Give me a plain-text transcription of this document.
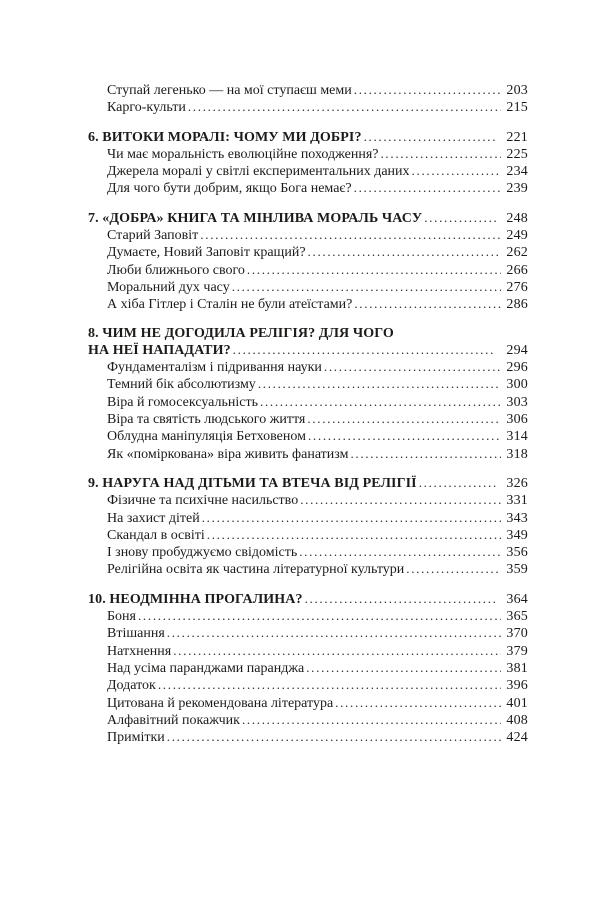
Ступай легенько — на мої ступаєш меми .....	203
Карго-культи .....	215
6. ВИТОКИ МОРАЛІ: ЧОМУ МИ ДОБРІ? .....	221
Чи має моральність еволюційне походження? .....	225
Джерела моралі у світлі експериментальних даних .....	234
Для чого бути добрим, якщо Бога немає? .....	239
7. «ДОБРА» КНИГА ТА МІНЛИВА МОРАЛЬ ЧАСУ .....	248
Старий Заповіт .....	249
Думаєте, Новий Заповіт кращий? .....	262
Люби ближнього свого .....	266
Моральний дух часу .....	276
А хіба Гітлер і Сталін не були атеїстами? .....	286
8. ЧИМ НЕ ДОГОДИЛА РЕЛІГІЯ? ДЛЯ ЧОГО
НА НЕЇ НАПАДАТИ? .....	294
Фундаменталізм і підривання науки .....	296
Темний бік абсолютизму .....	300
Віра й гомосексуальність .....	303
Віра та святість людського життя .....	306
Облудна маніпуляція Бетховеном .....	314
Як «поміркована» віра живить фанатизм .....	318
9. НАРУГА НАД ДІТЬМИ ТА ВТЕЧА ВІД РЕЛІГІЇ .....	326
Фізичне та психічне насильство .....	331
На захист дітей .....	343
Скандал в освіті .....	349
І знову пробуджуємо свідомість .....	356
Релігійна освіта як частина літературної культури .....	359
10. НЕОДМІННА ПРОГАЛИНА? .....	364
Боня .....	365
Втішання .....	370
Натхнення .....	379
Над усіма паранджами паранджа .....	381
Додаток .....	396
Цитована й рекомендована література .....	401
Алфавітний покажчик .....	408
Примітки .....	424
